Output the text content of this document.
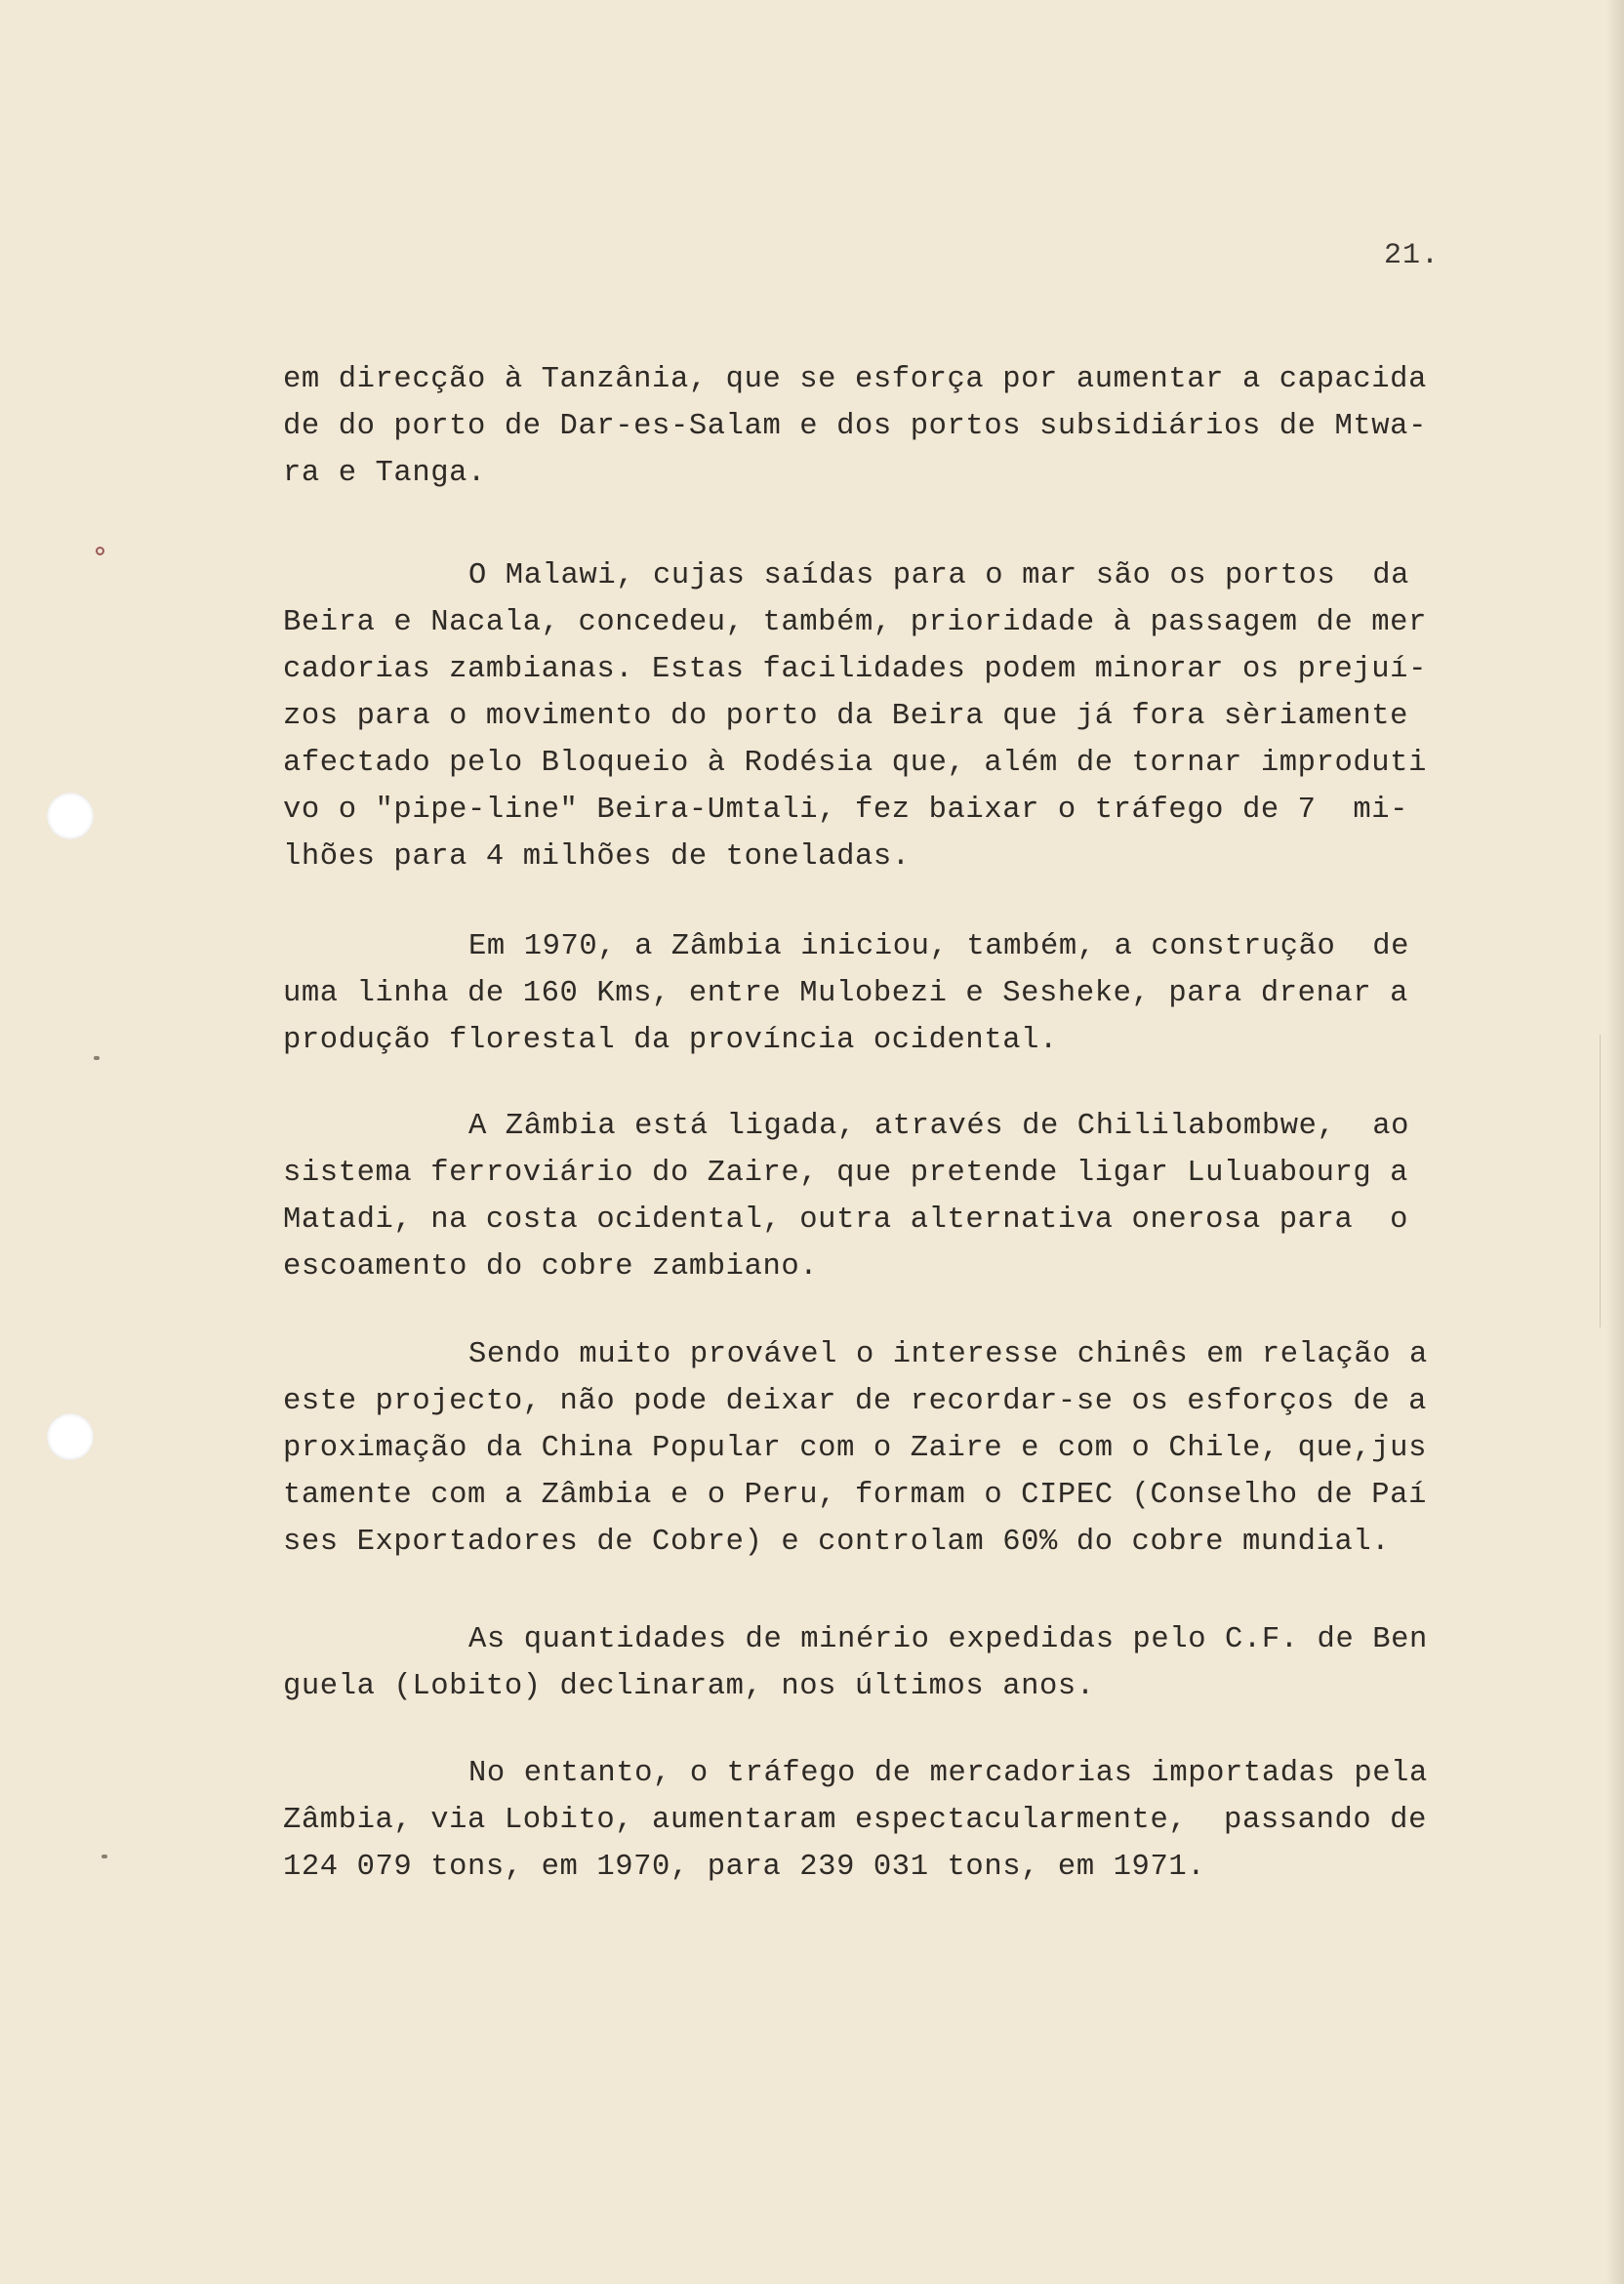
21.
em direcção à Tanzânia, que se esforça por aumentar a capacida
de do porto de Dar-es-Salam e dos portos subsidiários de Mtwa-
ra e Tanga.
O Malawi, cujas saídas para o mar são os portos  da
Beira e Nacala, concedeu, também, prioridade à passagem de mer
cadorias zambianas. Estas facilidades podem minorar os prejuí-
zos para o movimento do porto da Beira que já fora sèriamente
afectado pelo Bloqueio à Rodésia que, além de tornar improduti
vo o "pipe-line" Beira-Umtali, fez baixar o tráfego de 7  mi-
lhões para 4 milhões de toneladas.
Em 1970, a Zâmbia iniciou, também, a construção  de
uma linha de 160 Kms, entre Mulobezi e Sesheke, para drenar a
produção florestal da província ocidental.
A Zâmbia está ligada, através de Chililabombwe,  ao
sistema ferroviário do Zaire, que pretende ligar Luluabourg a
Matadi, na costa ocidental, outra alternativa onerosa para  o
escoamento do cobre zambiano.
Sendo muito provável o interesse chinês em relação a
este projecto, não pode deixar de recordar-se os esforços de a
proximação da China Popular com o Zaire e com o Chile, que,jus
tamente com a Zâmbia e o Peru, formam o CIPEC (Conselho de Paí
ses Exportadores de Cobre) e controlam 60% do cobre mundial.
As quantidades de minério expedidas pelo C.F. de Ben
guela (Lobito) declinaram, nos últimos anos.
No entanto, o tráfego de mercadorias importadas pela
Zâmbia, via Lobito, aumentaram espectacularmente,  passando de
124 079 tons, em 1970, para 239 031 tons, em 1971.
